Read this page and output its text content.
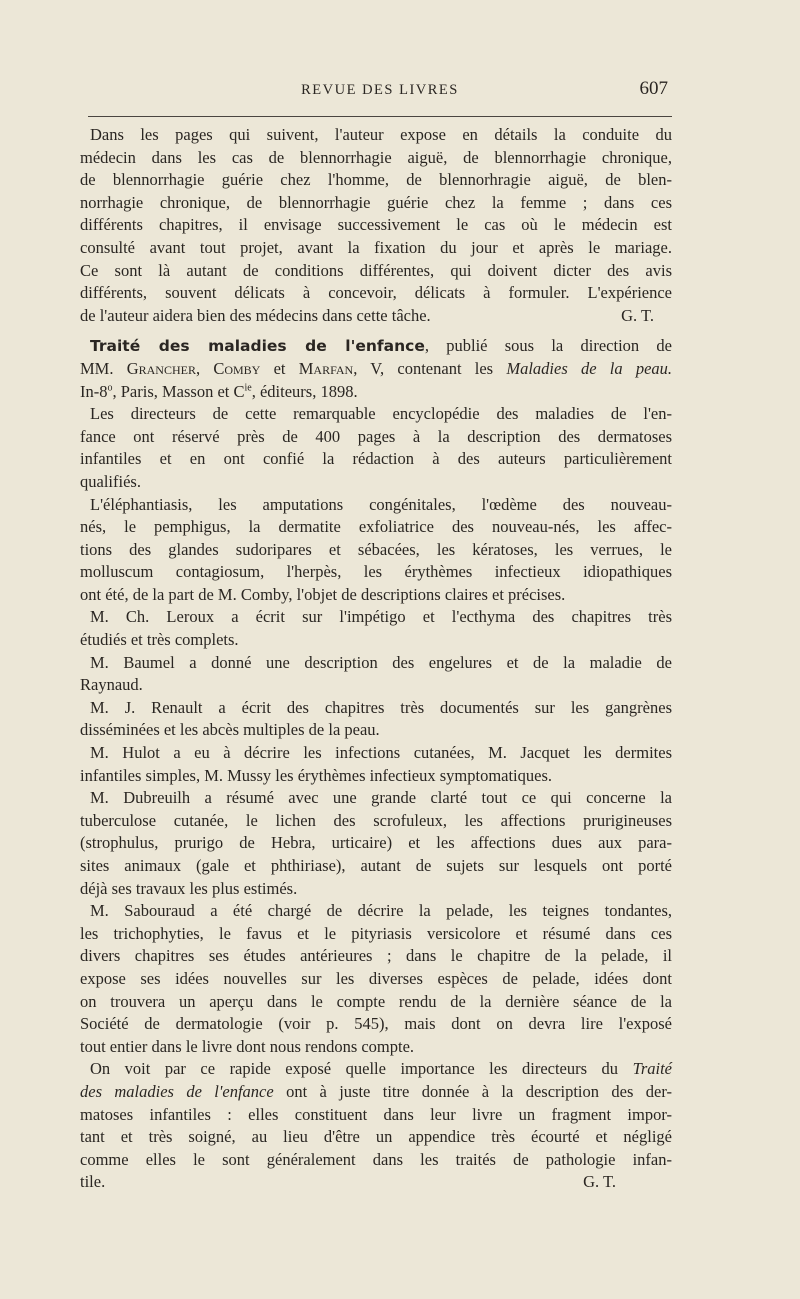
REVUE DES LIVRES	607

Dans les pages qui suivent, l'auteur expose en détails la conduite du
médecin dans les cas de blennorrhagie aiguë, de blennorrhagie chronique,
de blennorrhagie guérie chez l'homme, de blennorhragie aiguë, de blen-
norrhagie chronique, de blennorrhagie guérie chez la femme ; dans ces
différents chapitres, il envisage successivement le cas où le médecin est
consulté avant tout projet, avant la fixation du jour et après le mariage.
Ce sont là autant de conditions différentes, qui doivent dicter des avis
différents, souvent délicats à concevoir, délicats à formuler. L'expérience
de l'auteur aidera bien des médecins dans cette tâche.	G. T.

Traité des maladies de l'enfance, publié sous la direction de
MM. Grancher, Comby et Marfan, V, contenant les Maladies de la peau.
In-8$^o$, Paris, Masson et $C^{ie}$, éditeurs, 1898.

Les directeurs de cette remarquable encyclopédie des maladies de l'en-
fance ont réservé près de 400 pages à la description des dermatoses
infantiles et en ont confié la rédaction à des auteurs particulièrement
qualifiés.

L'éléphantiasis, les amputations congénitales, l'œdème des nouveau-
nés, le pemphigus, la dermatite exfoliatrice des nouveau-nés, les affec-
tions des glandes sudoripares et sébacées, les kératoses, les verrues, le
molluscum contagiosum, l'herpès, les érythèmes infectieux idiopathiques
ont été, de la part de M. Comby, l'objet de descriptions claires et précises.

M. Ch. Leroux a écrit sur l'impétigo et l'ecthyma des chapitres très
étudiés et très complets.

M. Baumel a donné une description des engelures et de la maladie de
Raynaud.

M. J. Renault a écrit des chapitres très documentés sur les gangrènes
disséminées et les abcès multiples de la peau.

M. Hulot a eu à décrire les infections cutanées, M. Jacquet les dermites
infantiles simples, M. Mussy les érythèmes infectieux symptomatiques.

M. Dubreuilh a résumé avec une grande clarté tout ce qui concerne la
tuberculose cutanée, le lichen des scrofuleux, les affections prurigineuses
(strophulus, prurigo de Hebra, urticaire) et les affections dues aux para-
sites animaux (gale et phthiriase), autant de sujets sur lesquels ont porté
déjà ses travaux les plus estimés.

M. Sabouraud a été chargé de décrire la pelade, les teignes tondantes,
les trichophyties, le favus et le pityriasis versicolore et résumé dans ces
divers chapitres ses études antérieures ; dans le chapitre de la pelade, il
expose ses idées nouvelles sur les diverses espèces de pelade, idées dont
on trouvera un aperçu dans le compte rendu de la dernière séance de la
Société de dermatologie (voir p. 545), mais dont on devra lire l'exposé
tout entier dans le livre dont nous rendons compte.

On voit par ce rapide exposé quelle importance les directeurs du Traité
des maladies de l'enfance ont à juste titre donnée à la description des der-
matoses infantiles : elles constituent dans leur livre un fragment impor-
tant et très soigné, au lieu d'être un appendice très écourté et négligé
comme elles le sont généralement dans les traités de pathologie infan-
tile.	G. T.
